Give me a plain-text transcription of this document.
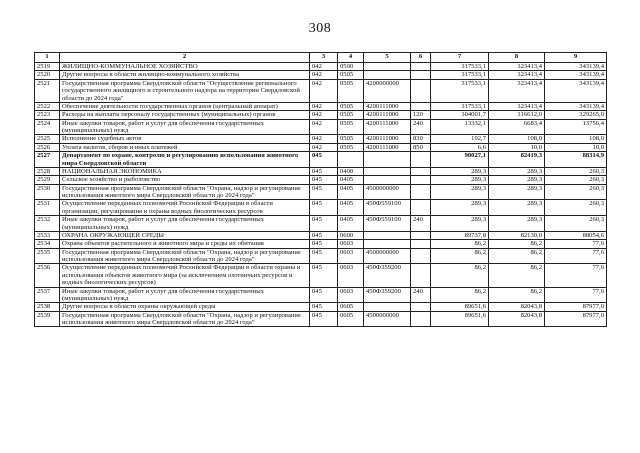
308
1	2	3	4	5	6	7	8	9
2519	ЖИЛИЩНО-КОММУНАЛЬНОЕ ХОЗЯЙСТВО	042	0500			317533,1	323413,4	343139,4
2520	Другие вопросы в области жилищно-коммунального хозяйства	042	0505			317533,1	323413,4	343139,4
2521	Государственная программа Свердловской области "Осуществление регионального государственного жилищного и строительного надзора на территории Свердловской области до 2024 года"	042	0505	4200000000		317533,1	323413,4	343139,4
2522	Обеспечение деятельности государственных органов (центральный аппарат)	042	0505	4200111000		317533,1	323413,4	343139,4
2523	Расходы на выплаты персоналу государственных (муниципальных) органов	042	0505	4200111000	120	304001,7	316612,0	329265,0
2524	Иные закупки товаров, работ и услуг для обеспечения государственных (муниципальных) нужд	042	0505	4200111000	240	13332,1	6683,4	13756,4
2525	Исполнение судебных актов	042	0505	4200111000	830	192,7	108,0	108,0
2526	Уплата налогов, сборов и иных платежей	042	0505	4200111000	850	6,6	10,0	10,0
2527	Департамент по охране, контролю и регулированию использования животного мира Свердловской области	045				90027,1	82419,3	88314,9
2528	НАЦИОНАЛЬНАЯ ЭКОНОМИКА	045	0400			289,3	289,3	260,3
2529	Сельское хозяйство и рыболовство	045	0405			289,3	289,3	260,3
2530	Государственная программа Свердловской области "Охрана, надзор и регулирование использования животного мира Свердловской области до 2024 года"	045	0405	4500000000		289,3	289,3	260,3
2531	Осуществление переданных полномочий Российской Федерации в области организации, регулирования и охраны водных биологических ресурсов	045	0405	450Ф559100		289,3	289,3	260,3
2532	Иные закупки товаров, работ и услуг для обеспечения государственных (муниципальных) нужд	045	0405	450Ф559100	240	289,3	289,3	260,3
2533	ОХРАНА ОКРУЖАЮЩЕЙ СРЕДЫ	045	0600			89737,8	82130,0	88054,6
2534	Охрана объектов растительного и животного мира и среды их обитания	045	0603			86,2	86,2	77,6
2535	Государственная программа Свердловской области "Охрана, надзор и регулирование использования животного мира Свердловской области до 2024 года"	045	0603	4500000000		86,2	86,2	77,6
2536	Осуществление переданных полномочий Российской Федерации в области охраны и использования объектов животного мира (за исключением охотничьих ресурсов и водных биологических ресурсов)	045	0603	450Ф359200		86,2	86,2	77,6
2537	Иные закупки товаров, работ и услуг для обеспечения государственных (муниципальных) нужд	045	0603	450Ф359200	240	86,2	86,2	77,6
2538	Другие вопросы в области охраны окружающей среды	045	0605			89651,6	82043,8	87977,0
2539	Государственная программа Свердловской области "Охрана, надзор и регулирование использования животного мира Свердловской области до 2024 года"	045	0605	4500000000		89651,6	82043,8	87977,0
